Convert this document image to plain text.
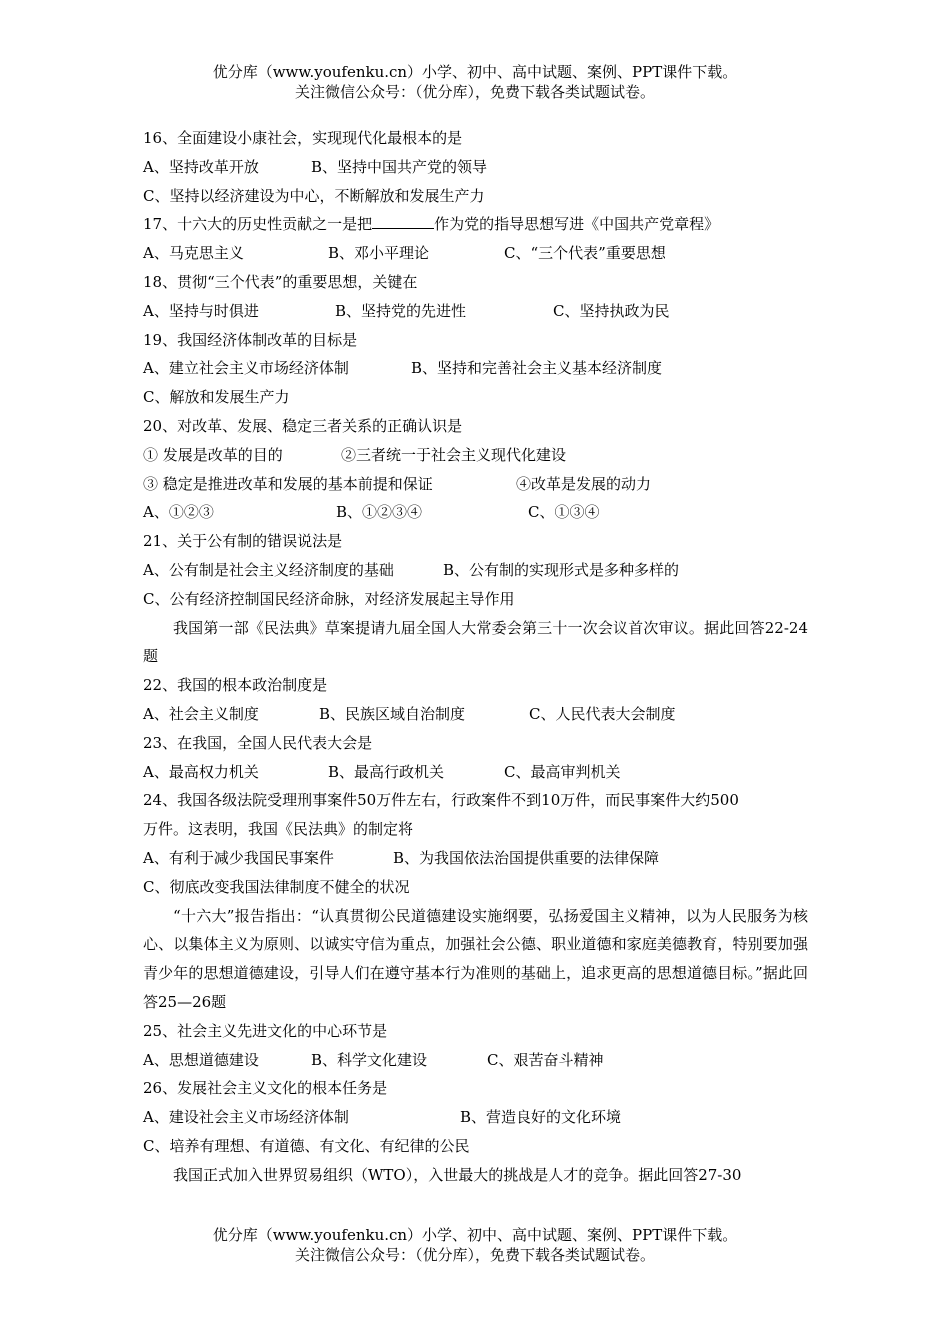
优分库（www.youfenku.cn）小学、初中、高中试题、案例、PPT课件下载。
关注微信公众号：（优分库），免费下载各类试题试卷。
16、全面建设小康社会，实现现代化最根本的是
A、坚持改革开放	B、坚持中国共产党的领导
C、坚持以经济建设为中心，不断解放和发展生产力
17、十六大的历史性贡献之一是把	作为党的指导思想写进《中国共产党章程》
A、马克思主义	B、邓小平理论	C、“三个代表”重要思想
18、贯彻“三个代表”的重要思想，关键在
A、坚持与时俱进	B、坚持党的先进性	C、坚持执政为民
19、我国经济体制改革的目标是
A、建立社会主义市场经济体制	B、坚持和完善社会主义基本经济制度
C、解放和发展生产力
20、对改革、发展、稳定三者关系的正确认识是
① 发展是改革的目的	②三者统一于社会主义现代化建设
③ 稳定是推进改革和发展的基本前提和保证	④改革是发展的动力
A、①②③	B、①②③④	C、①③④
21、关于公有制的错误说法是
A、公有制是社会主义经济制度的基础	B、公有制的实现形式是多种多样的
C、公有经济控制国民经济命脉，对经济发展起主导作用
我国第一部《民法典》草案提请九届全国人大常委会第三十一次会议首次审议。据此回答22-24题
22、我国的根本政治制度是
A、社会主义制度	B、民族区域自治制度	C、人民代表大会制度
23、在我国，全国人民代表大会是
A、最高权力机关	B、最高行政机关	C、最高审判机关
24、我国各级法院受理刑事案件50万件左右，行政案件不到10万件，而民事案件大约500
万件。这表明，我国《民法典》的制定将
A、有利于减少我国民事案件	B、为我国依法治国提供重要的法律保障
C、彻底改变我国法律制度不健全的状况
“十六大”报告指出：“认真贯彻公民道德建设实施纲要，弘扬爱国主义精神，以为人民服务为核心、以集体主义为原则、以诚实守信为重点，加强社会公德、职业道德和家庭美德教育，特别要加强青少年的思想道德建设，引导人们在遵守基本行为准则的基础上，追求更高的思想道德目标。”据此回答25—26题
25、社会主义先进文化的中心环节是
A、思想道德建设	B、科学文化建设	C、艰苦奋斗精神
26、发展社会主义文化的根本任务是
A、建设社会主义市场经济体制	B、营造良好的文化环境
C、培养有理想、有道德、有文化、有纪律的公民
我国正式加入世界贸易组织（WTO），入世最大的挑战是人才的竞争。据此回答27-30
优分库（www.youfenku.cn）小学、初中、高中试题、案例、PPT课件下载。
关注微信公众号：（优分库），免费下载各类试题试卷。
